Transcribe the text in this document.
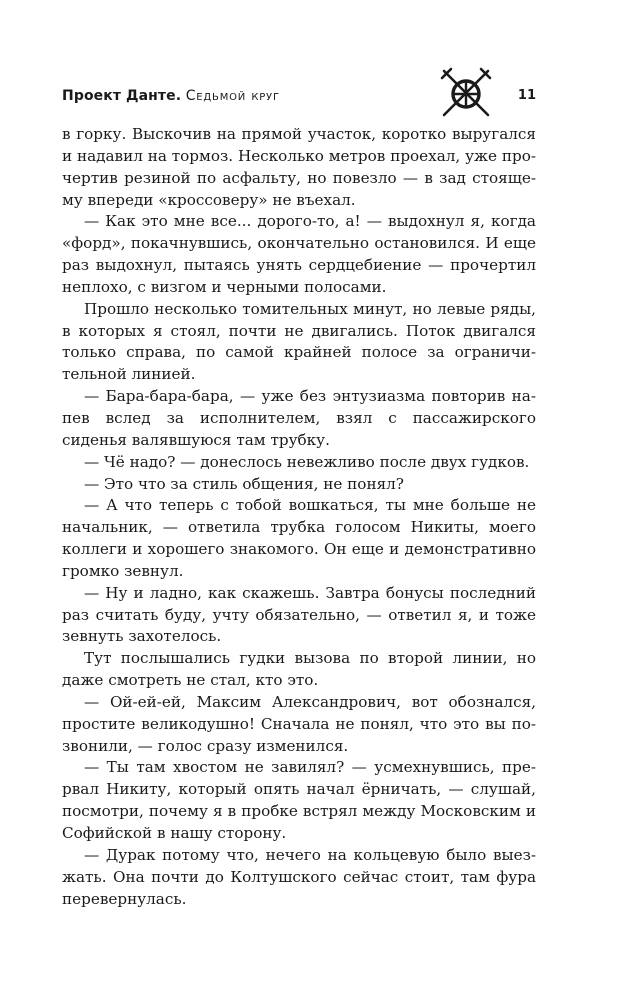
Проект Данте. Седьмой круг	11

в горку. Выскочив на прямой участок, коротко выругался и надавил на тормоз. Несколько метров проехал, уже прочертив резиной по асфальту, но повезло — в зад стоящему впереди «кроссоверу» не въехал.

— Как это мне все... дорого-то, а! — выдохнул я, когда «форд», покачнувшись, окончательно остановился. И еще раз выдохнул, пытаясь унять сердцебиение — прочертил неплохо, с визгом и черными полосами.

Прошло несколько томительных минут, но левые ряды, в которых я стоял, почти не двигались. Поток двигался только справа, по самой крайней полосе за ограничительной линией.

— Бара-бара-бара, — уже без энтузиазма повторив напев вслед за исполнителем, взял с пассажирского сиденья валявшуюся там трубку.

— Чё надо? — донеслось невежливо после двух гудков.

— Это что за стиль общения, не понял?

— А что теперь с тобой вошкаться, ты мне больше не начальник, — ответила трубка голосом Никиты, моего коллеги и хорошего знакомого. Он еще и демонстративно громко зевнул.

— Ну и ладно, как скажешь. Завтра бонусы последний раз считать буду, учту обязательно, — ответил я, и тоже зевнуть захотелось.

Тут послышались гудки вызова по второй линии, но даже смотреть не стал, кто это.

— Ой-ей-ей, Максим Александрович, вот обознался, простите великодушно! Сначала не понял, что это вы позвонили, — голос сразу изменился.

— Ты там хвостом не завилял? — усмехнувшись, прервал Никиту, который опять начал ёрничать, — слушай, посмотри, почему я в пробке встрял между Московским и Софийской в нашу сторону.

— Дурак потому что, нечего на кольцевую было выезжать. Она почти до Колтушского сейчас стоит, там фура перевернулась.
